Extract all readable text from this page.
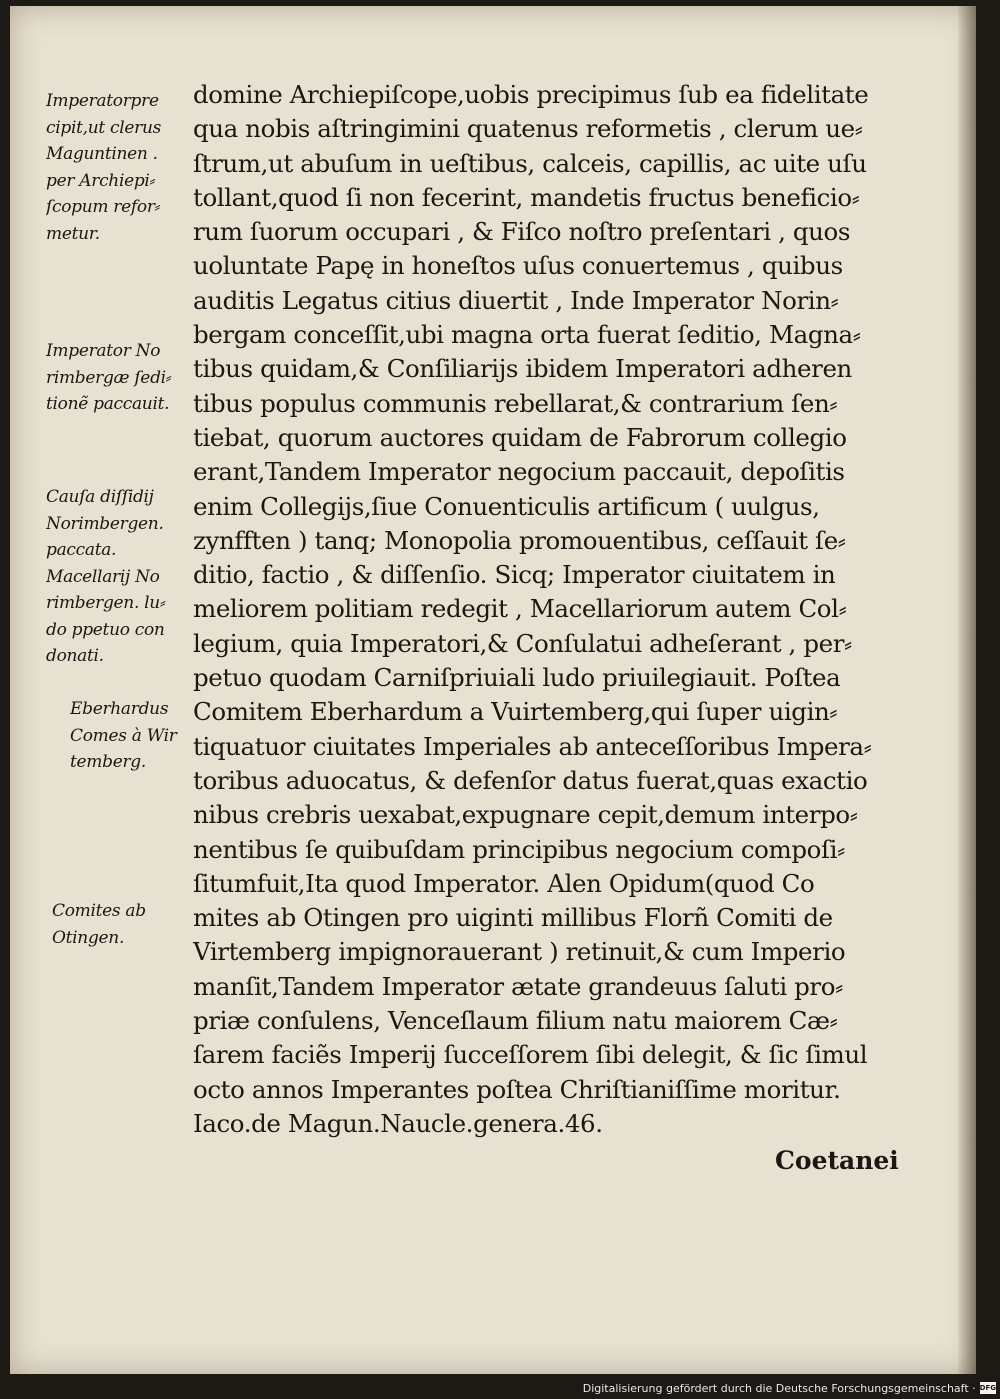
domine Archiepiſcope,uobis precipimus ſub ea fidelitate
qua nobis aſtringimini quatenus reformetis , clerum ue⸗
ſtrum,ut abuſum in ueſtibus, calceis, capillis, ac uite uſu
tollant,quod ſi non fecerint, mandetis fructus beneficio⸗
rum ſuorum occupari , & Fiſco noſtro preſentari , quos
uoluntate Papę in honeſtos uſus conuertemus , quibus
auditis Legatus citius diuertit , Inde Imperator Norin⸗
bergam conceſſit,ubi magna orta fuerat ſeditio, Magna⸗
tibus quidam,& Conſiliarijs ibidem Imperatori adheren
tibus populus communis rebellarat,& contrarium ſen⸗
tiebat, quorum auctores quidam de Fabrorum collegio
erant,Tandem Imperator negocium paccauit, depoſitis
enim Collegijs,ſiue Conuenticulis artificum ( uulgus,
zynfften ) tanq; Monopolia promouentibus, ceſſauit ſe⸗
ditio, factio , & diſſenſio. Sicq; Imperator ciuitatem in
meliorem politiam redegit , Macellariorum autem Col⸗
legium, quia Imperatori,& Conſulatui adheſerant , per⸗
petuo quodam Carniſpriuiali ludo priuilegiauit. Poſtea
Comitem Eberhardum a Vuirtemberg,qui ſuper uigin⸗
tiquatuor ciuitates Imperiales ab anteceſſoribus Impera⸗
toribus aduocatus, & defenſor datus fuerat,quas exactio
nibus crebris uexabat,expugnare cepit,demum interpo⸗
nentibus ſe quibuſdam principibus negocium compoſi⸗
ſitumfuit,Ita quod Imperator. Alen Opidum(quod Co
mites ab Otingen pro uiginti millibus Florñ Comiti de
Virtemberg impignorauerant ) retinuit,& cum Imperio
manſit,Tandem Imperator ætate grandeuus ſaluti pro⸗
priæ conſulens, Venceſlaum filium natu maiorem Cæ⸗
ſarem faciẽs Imperij ſucceſſorem ſibi delegit, & ſic ſimul
octo annos Imperantes poſtea Chriſtianiſſime moritur.
Iaco.de Magun.Naucle.genera.46.
Imperatorpre
cipit,ut clerus
Maguntinen .
per Archiepi⸗
ſcopum refor⸗
metur.
Imperator No
rimbergæ ſedi⸗
tionẽ paccauit.
Cauſa diſſidij
Norimbergen.
paccata.
Macellarij No
rimbergen. lu⸗
do ppetuo con
donati.
Eberhardus
Comes à Wir
temberg.
Comites ab
Otingen.
Coetanei
Digitalisierung gefördert durch die Deutsche Forschungsgemeinschaft · DFG
